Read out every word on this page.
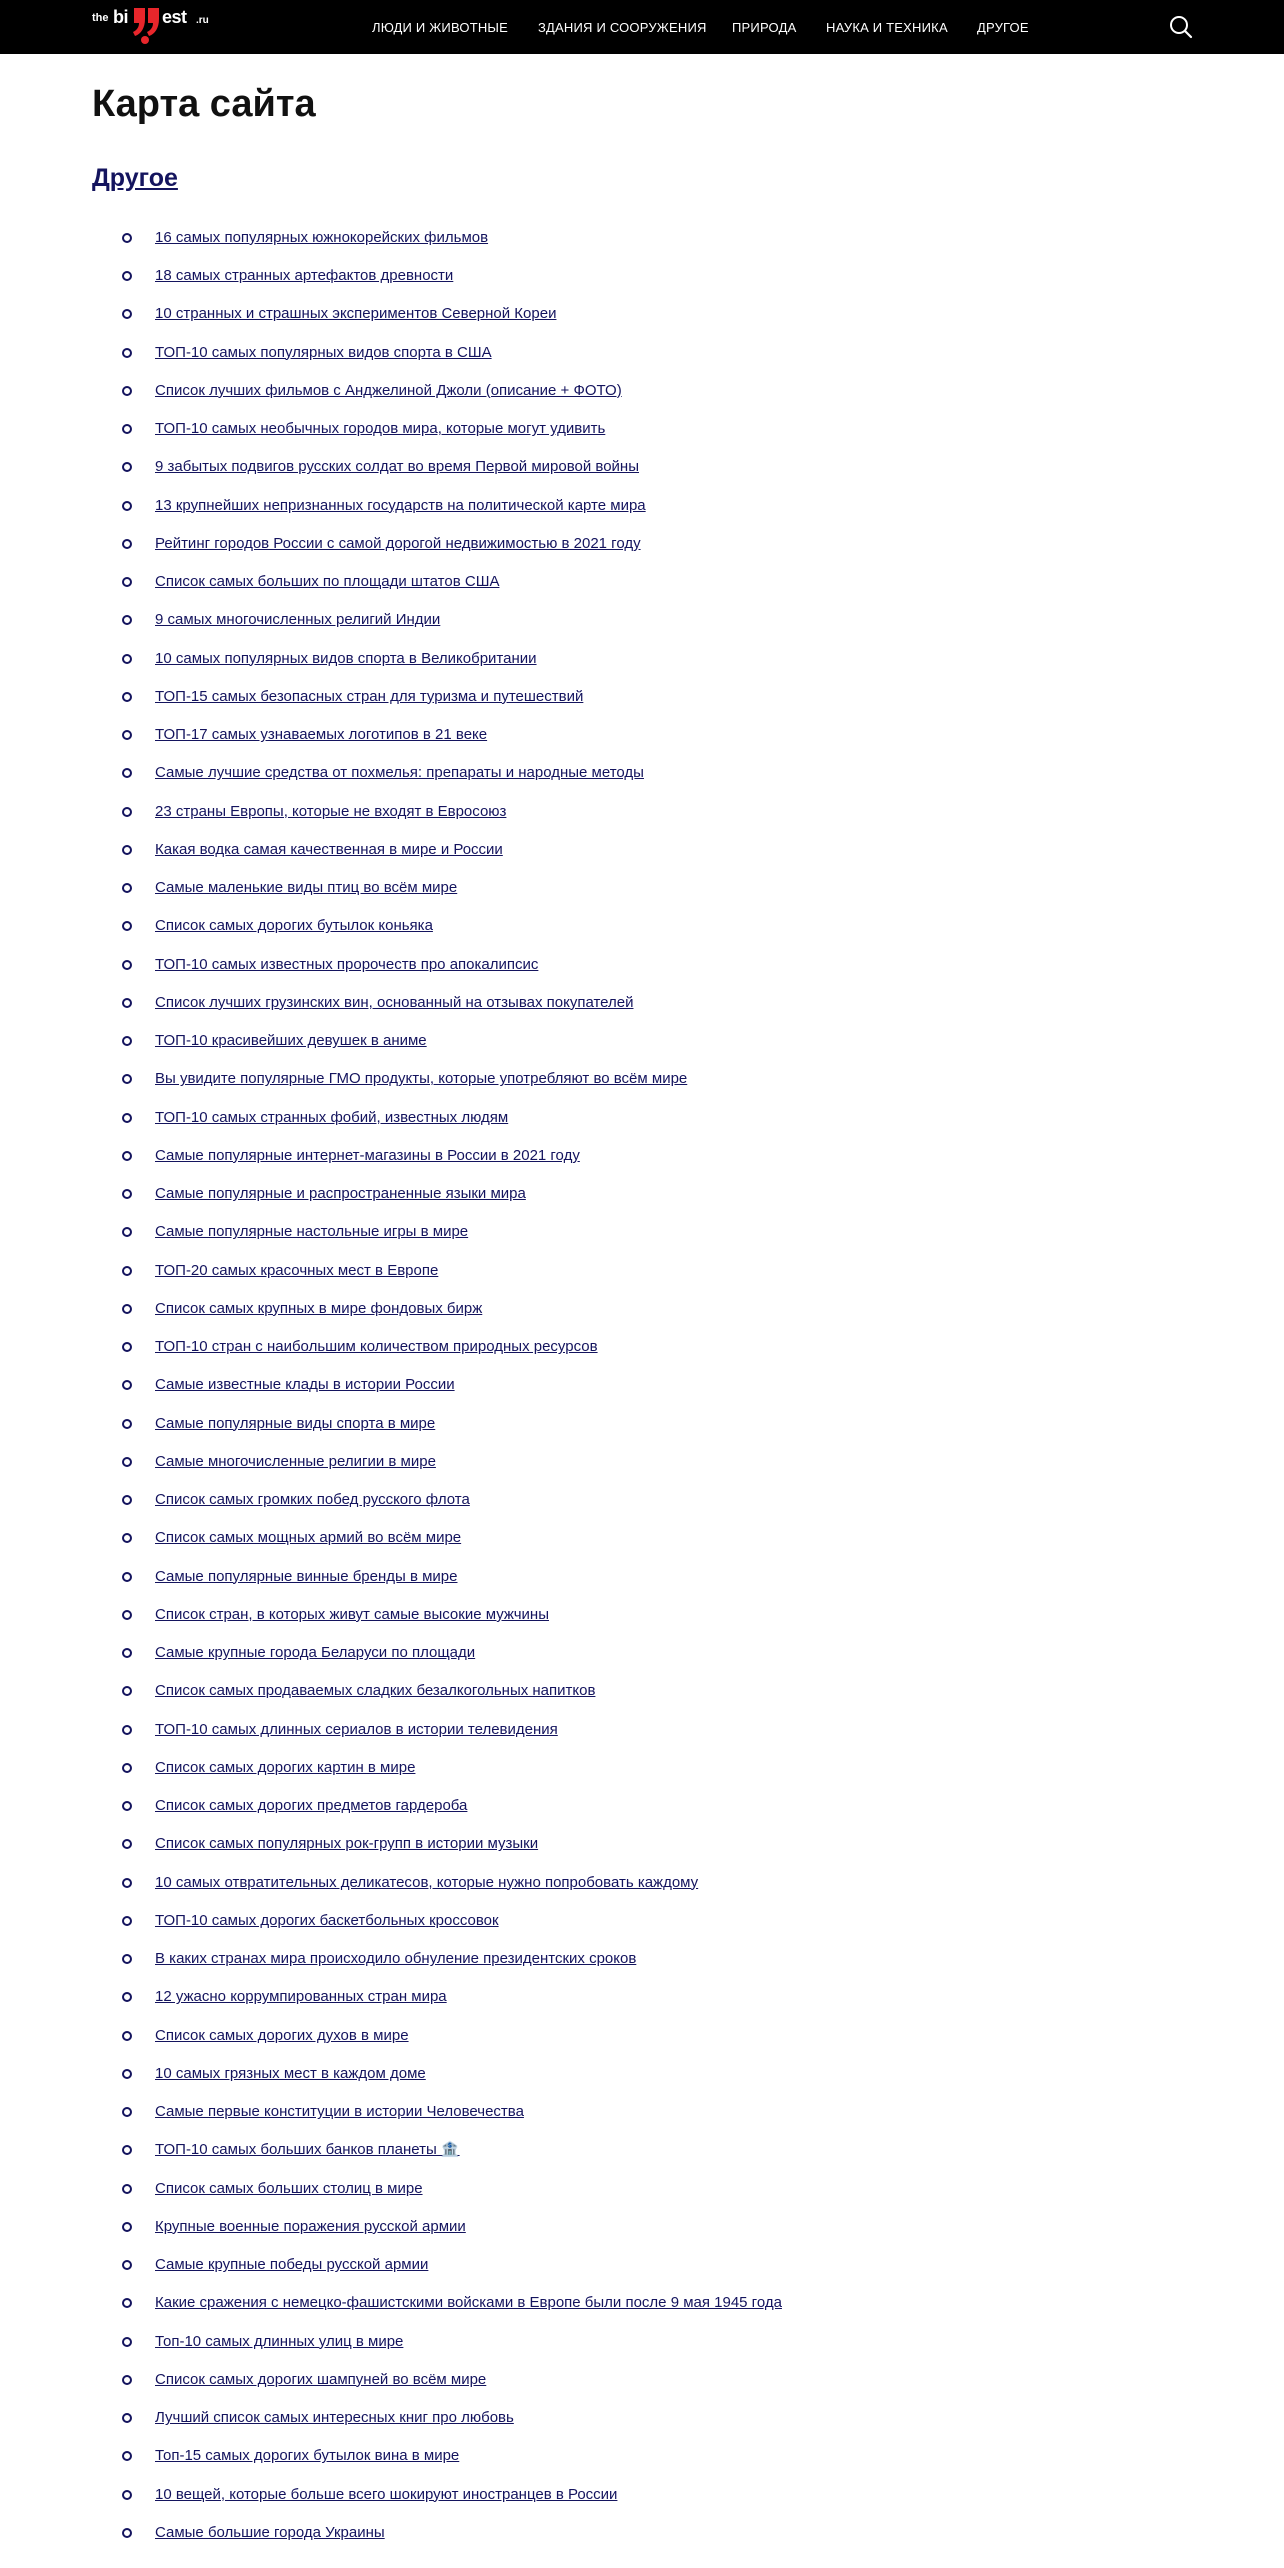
the bi est .ru	ЛЮДИ И ЖИВОТНЫЕ ЗДАНИЯ И СООРУЖЕНИЯ ПРИРОДА НАУКА И ТЕХНИКА ДРУГОЕ
Карта сайта
Другое
16 самых популярных южнокорейских фильмов
18 самых странных артефактов древности
10 странных и страшных экспериментов Северной Кореи
ТОП-10 самых популярных видов спорта в США
Список лучших фильмов с Анджелиной Джоли (описание + ФОТО)
ТОП-10 самых необычных городов мира, которые могут удивить
9 забытых подвигов русских солдат во время Первой мировой войны
13 крупнейших непризнанных государств на политической карте мира
Рейтинг городов России с самой дорогой недвижимостью в 2021 году
Список самых больших по площади штатов США
9 самых многочисленных религий Индии
10 самых популярных видов спорта в Великобритании
ТОП-15 самых безопасных стран для туризма и путешествий
ТОП-17 самых узнаваемых логотипов в 21 веке
Самые лучшие средства от похмелья: препараты и народные методы
23 страны Европы, которые не входят в Евросоюз
Какая водка самая качественная в мире и России
Самые маленькие виды птиц во всём мире
Список самых дорогих бутылок коньяка
ТОП-10 самых известных пророчеств про апокалипсис
Список лучших грузинских вин, основанный на отзывах покупателей
ТОП-10 красивейших девушек в аниме
Вы увидите популярные ГМО продукты, которые употребляют во всём мире
ТОП-10 самых странных фобий, известных людям
Самые популярные интернет-магазины в России в 2021 году
Самые популярные и распространенные языки мира
Самые популярные настольные игры в мире
ТОП-20 самых красочных мест в Европе
Список самых крупных в мире фондовых бирж
ТОП-10 стран с наибольшим количеством природных ресурсов
Самые известные клады в истории России
Самые популярные виды спорта в мире
Самые многочисленные религии в мире
Список самых громких побед русского флота
Список самых мощных армий во всём мире
Самые популярные винные бренды в мире
Список стран, в которых живут самые высокие мужчины
Самые крупные города Беларуси по площади
Список самых продаваемых сладких безалкогольных напитков
ТОП-10 самых длинных сериалов в истории телевидения
Список самых дорогих картин в мире
Список самых дорогих предметов гардероба
Список самых популярных рок-групп в истории музыки
10 самых отвратительных деликатесов, которые нужно попробовать каждому
ТОП-10 самых дорогих баскетбольных кроссовок
В каких странах мира происходило обнуление президентских сроков
12 ужасно коррумпированных стран мира
Список самых дорогих духов в мире
10 самых грязных мест в каждом доме
Самые первые конституции в истории Человечества
ТОП-10 самых больших банков планеты 🏦
Список самых больших столиц в мире
Крупные военные поражения русской армии
Самые крупные победы русской армии
Какие сражения с немецко-фашистскими войсками в Европе были после 9 мая 1945 года
Топ-10 самых длинных улиц в мире
Список самых дорогих шампуней во всём мире
Лучший список самых интересных книг про любовь
Топ-15 самых дорогих бутылок вина в мире
10 вещей, которые больше всего шокируют иностранцев в России
Самые большие города Украины
